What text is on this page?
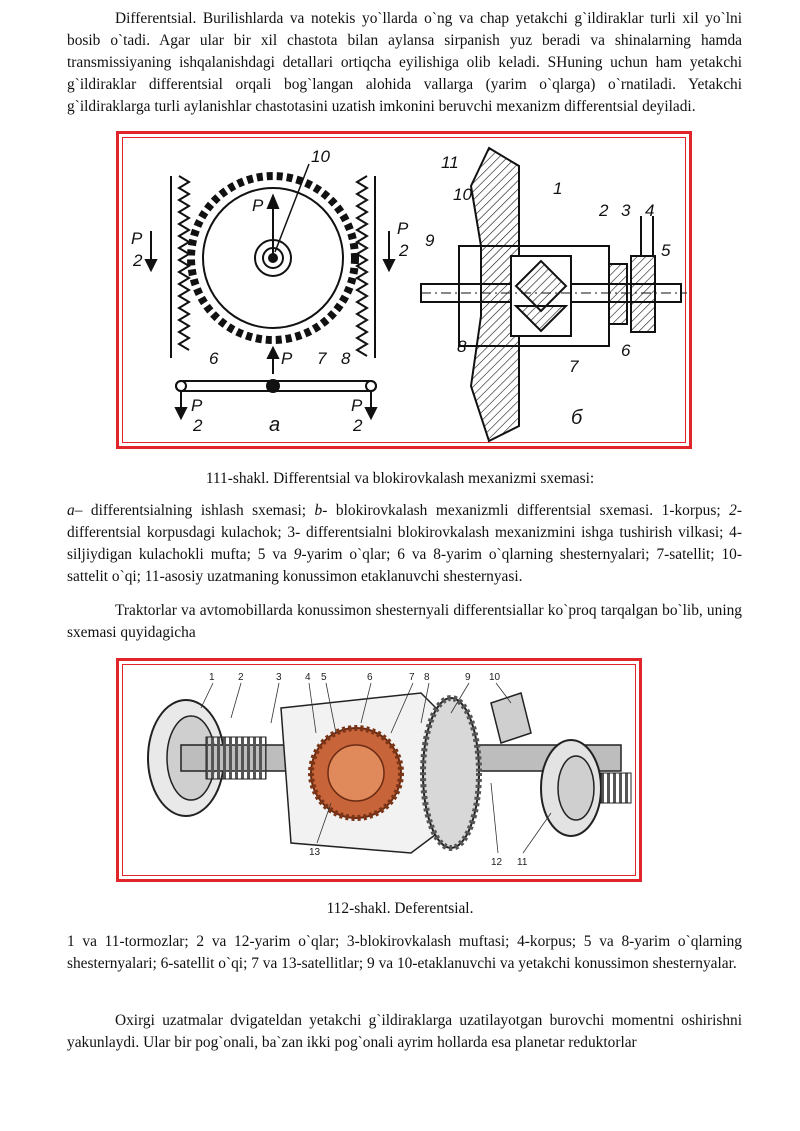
Differentsial. Burilishlarda va notekis yo`llarda o`ng va chap yetakchi g`ildiraklar turli xil yo`lni bosib o`tadi. Agar ular bir xil chastota bilan aylansa sirpanish yuz beradi va shinalarning hamda transmissiyaning ishqalanishdagi detallari ortiqcha eyilishiga olib keladi. SHuning uchun ham yetakchi g`ildiraklar differentsial orqali bog`langan alohida vallarga (yarim o`qlarga) o`rnatiladi. Yetakchi g`ildiraklarga turli aylanishlar chastotasini uzatish imkonini beruvchi mexanizm differentsial deyiladi.

10
P
P
2
P
2
6	P 7 8
P
2
P
2
a
11
10	1
2 3 4
9
5
8
7
6
б

111-shakl. Differentsial va blokirovkalash mexanizmi sxemasi:

a– differentsialning ishlash sxemasi; b- blokirovkalash mexanizmli differentsial sxemasi. 1-korpus; 2-differentsial korpusdagi kulachok; 3- differentsialni blokirovkalash mexanizmini ishga tushirish vilkasi; 4- siljiydigan kulachokli mufta; 5 va 9-yarim o`qlar; 6 va 8-yarim o`qlarning shesternyalari; 7-satellit; 10-sattelit o`qi; 11-asosiy uzatmaning konussimon etaklanuvchi shesternyasi.

Traktorlar va avtomobillarda konussimon shesternyali differentsiallar ko`proq tarqalgan bo`lib, uning sxemasi quyidagicha

1 2	3 4 5	6	7 8	9 10
13
12 11

112-shakl. Deferentsial.

1 va 11-tormozlar; 2 va 12-yarim o`qlar; 3-blokirovkalash muftasi; 4-korpus; 5 va 8-yarim o`qlarning shesternyalari; 6-satellit o`qi; 7 va 13-satellitlar; 9 va 10-etaklanuvchi va yetakchi konussimon shesternyalar.

Oxirgi uzatmalar dvigateldan yetakchi g`ildiraklarga uzatilayotgan burovchi momentni oshirishni yakunlaydi. Ular bir pog`onali, ba`zan ikki pog`onali ayrim hollarda esa planetar reduktorlar
